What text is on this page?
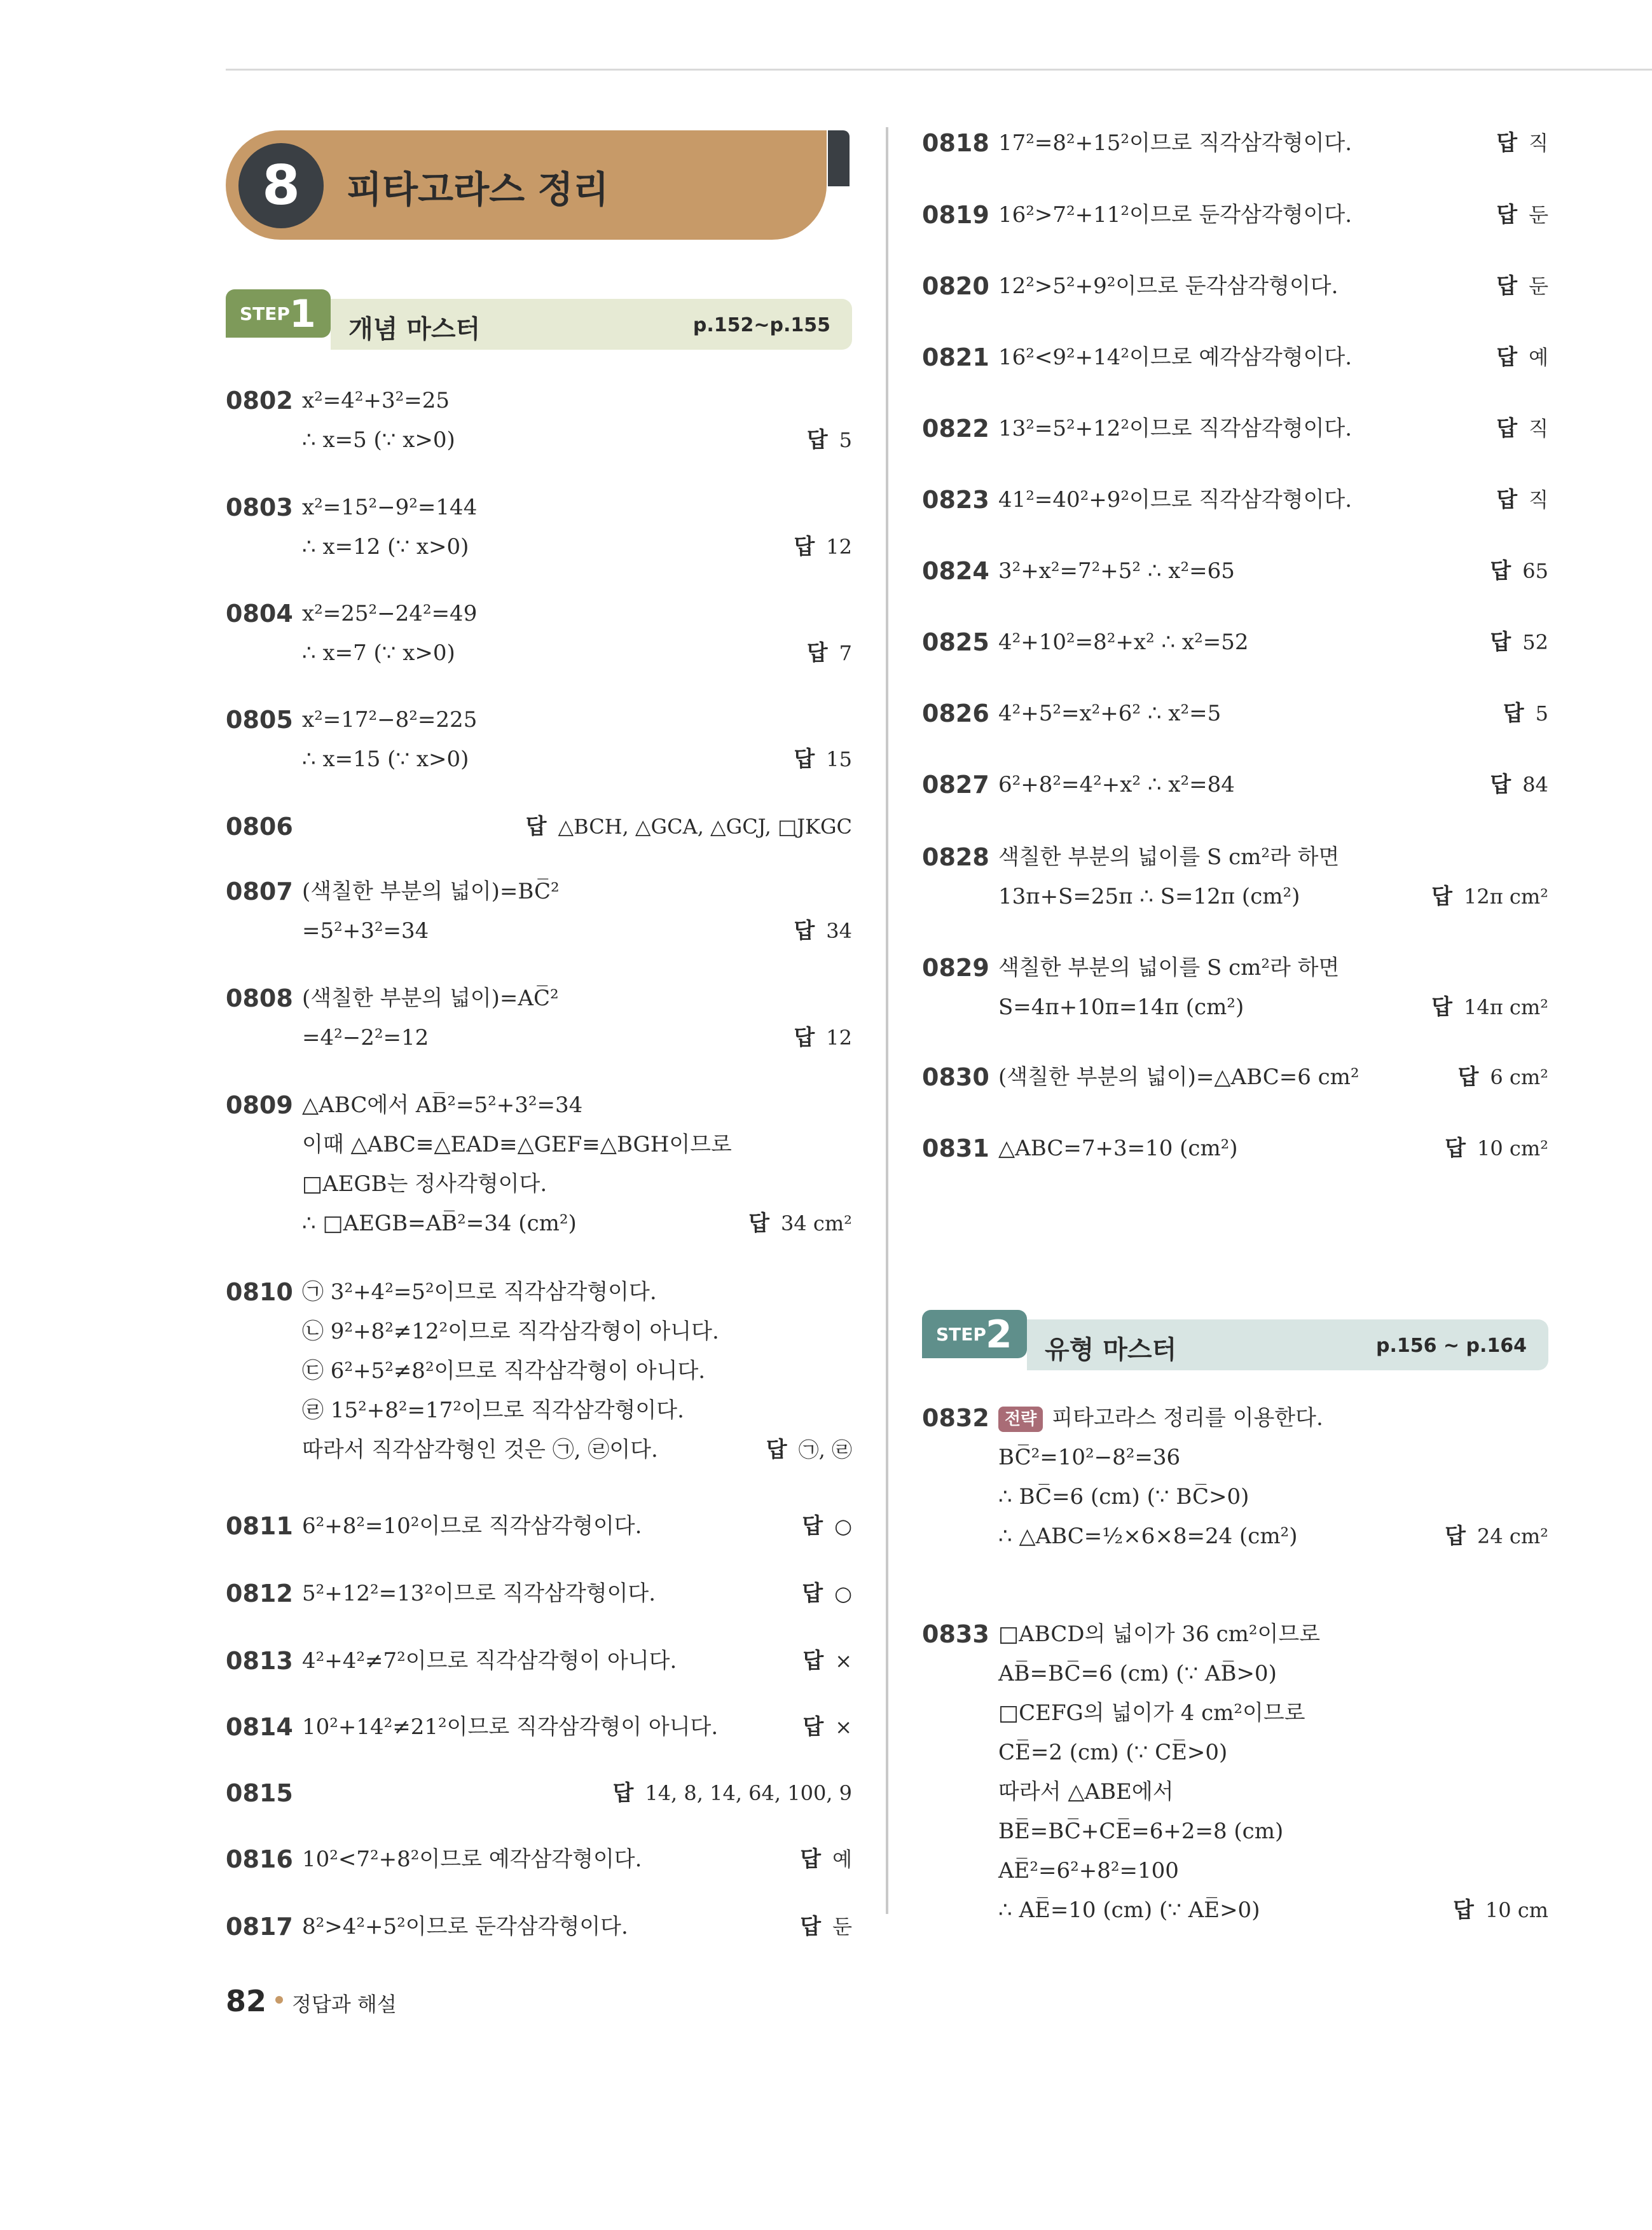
8	피타고라스 정리
STEP 1 개념 마스터	p.152~p.155
STEP 2 유형 마스터	p.156 ~ p.164
0802 x²=4²+3²=25
∴ x=5 (∵ x>0)	답 5
0803 x²=15²−9²=144
∴ x=12 (∵ x>0)	답 12
0804 x²=25²−24²=49
∴ x=7 (∵ x>0)	답 7
0805 x²=17²−8²=225
∴ x=15 (∵ x>0)	답 15
0806	답 △BCH, △GCA, △GCJ, □JKGC
0807 (색칠한 부분의 넓이)=BC̅²
=5²+3²=34	답 34
0808 (색칠한 부분의 넓이)=AC̅²
=4²−2²=12	답 12
0809 △ABC에서 AB̅²=5²+3²=34
이때 △ABC≡△EAD≡△GEF≡△BGH이므로
□AEGB는 정사각형이다.
∴ □AEGB=AB̅²=34 (cm²)	답 34 cm²
0810 ㉠ 3²+4²=5²이므로 직각삼각형이다.
㉡ 9²+8²≠12²이므로 직각삼각형이 아니다.
㉢ 6²+5²≠8²이므로 직각삼각형이 아니다.
㉣ 15²+8²=17²이므로 직각삼각형이다.
따라서 직각삼각형인 것은 ㉠, ㉣이다.	답 ㉠, ㉣
0811 6²+8²=10²이므로 직각삼각형이다.	답 ○
0812 5²+12²=13²이므로 직각삼각형이다.	답 ○
0813 4²+4²≠7²이므로 직각삼각형이 아니다.	답 ×
0814 10²+14²≠21²이므로 직각삼각형이 아니다.	답 ×
0815	답 14, 8, 14, 64, 100, 9
0816 10²<7²+8²이므로 예각삼각형이다.	답 예
0817 8²>4²+5²이므로 둔각삼각형이다.	답 둔
0818 17²=8²+15²이므로 직각삼각형이다.	답 직
0819 16²>7²+11²이므로 둔각삼각형이다.	답 둔
0820 12²>5²+9²이므로 둔각삼각형이다.	답 둔
0821 16²<9²+14²이므로 예각삼각형이다.	답 예
0822 13²=5²+12²이므로 직각삼각형이다.	답 직
0823 41²=40²+9²이므로 직각삼각형이다.	답 직
0824 3²+x²=7²+5² ∴ x²=65	답 65
0825 4²+10²=8²+x² ∴ x²=52	답 52
0826 4²+5²=x²+6² ∴ x²=5	답 5
0827 6²+8²=4²+x² ∴ x²=84	답 84
0828 색칠한 부분의 넓이를 S cm²라 하면
13π+S=25π ∴ S=12π (cm²)	답 12π cm²
0829 색칠한 부분의 넓이를 S cm²라 하면
S=4π+10π=14π (cm²)	답 14π cm²
0830 (색칠한 부분의 넓이)=△ABC=6 cm²	답 6 cm²
0831 △ABC=7+3=10 (cm²)	답 10 cm²
0832 전략 피타고라스 정리를 이용한다.
BC̅²=10²−8²=36
∴ BC̅=6 (cm) (∵ BC̅>0)
∴ △ABC=½×6×8=24 (cm²)	답 24 cm²
0833 □ABCD의 넓이가 36 cm²이므로
AB̅=BC̅=6 (cm) (∵ AB̅>0)
□CEFG의 넓이가 4 cm²이므로
CE̅=2 (cm) (∵ CE̅>0)
따라서 △ABE에서
BE̅=BC̅+CE̅=6+2=8 (cm)
AE̅²=6²+8²=100
∴ AE̅=10 (cm) (∵ AE̅>0)	답 10 cm
82 정답과 해설
